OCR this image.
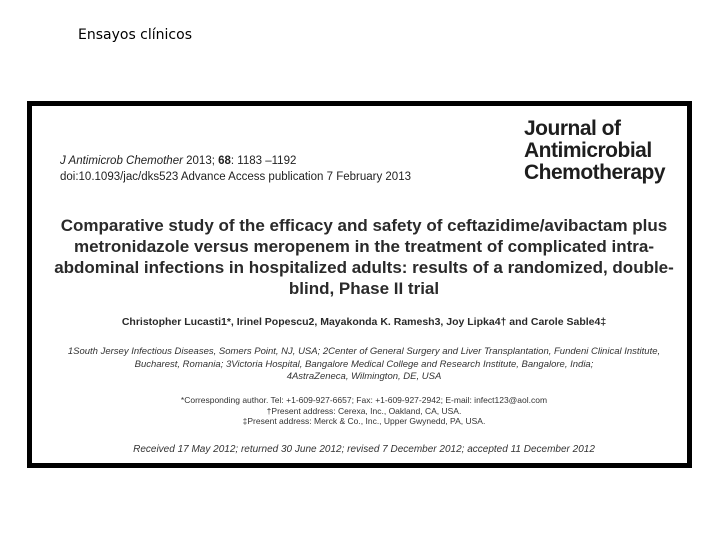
Ensayos clínicos
J Antimicrob Chemother 2013; 68: 1183 –1192
doi:10.1093/jac/dks523 Advance Access publication 7 February 2013
Journal of
Antimicrobial
Chemotherapy
Comparative study of the efficacy and safety of ceftazidime/avibactam plus metronidazole versus meropenem in the treatment of complicated intra-abdominal infections in hospitalized adults: results of a randomized, double-blind, Phase II trial
Christopher Lucasti1*, Irinel Popescu2, Mayakonda K. Ramesh3, Joy Lipka4† and Carole Sable4‡
1South Jersey Infectious Diseases, Somers Point, NJ, USA; 2Center of General Surgery and Liver Transplantation, Fundeni Clinical Institute,
Bucharest, Romania; 3Victoria Hospital, Bangalore Medical College and Research Institute, Bangalore, India;
4AstraZeneca, Wilmington, DE, USA
*Corresponding author. Tel: +1-609-927-6657; Fax: +1-609-927-2942; E-mail: infect123@aol.com
†Present address: Cerexa, Inc., Oakland, CA, USA.
‡Present address: Merck & Co., Inc., Upper Gwynedd, PA, USA.
Received 17 May 2012; returned 30 June 2012; revised 7 December 2012; accepted 11 December 2012
